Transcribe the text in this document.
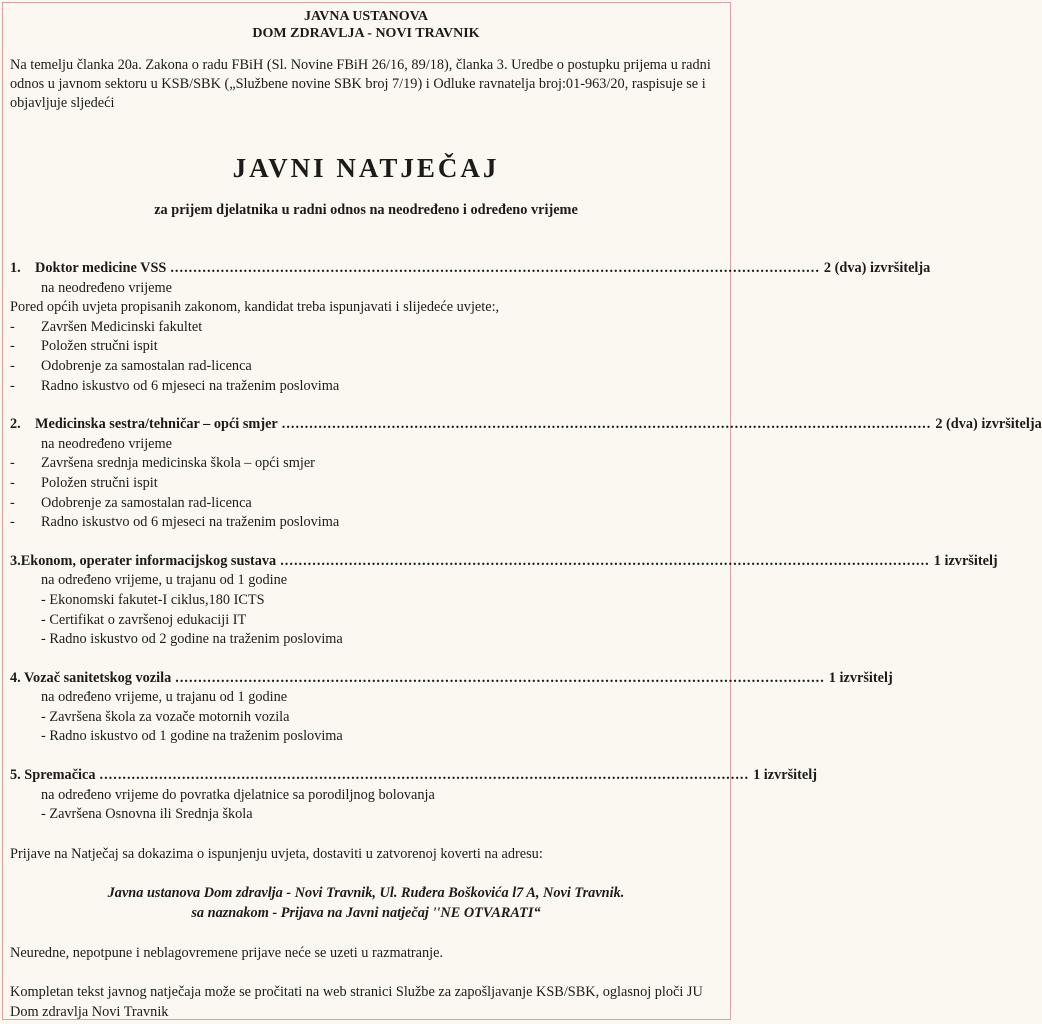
JAVNA USTANOVA
DOM ZDRAVLJA - NOVI TRAVNIK
Na temelju članka 20a. Zakona o radu FBiH (Sl. Novine FBiH 26/16, 89/18), članka 3. Uredbe o postupku prijema u radni odnos u javnom sektoru u KSB/SBK („Službene novine SBK broj 7/19) i Odluke ravnatelja broj:01-963/20, raspisuje se i objavljuje sljedeći
JAVNI NATJEČAJ
za prijem djelatnika u radni odnos na neodređeno i određeno vrijeme
1.    Doktor medicine VSS .............................................................................................................................................. 2 (dva) izvršitelja
na neodređeno vrijeme
Pored općih uvjeta propisanih zakonom, kandidat treba ispunjavati i slijedeće uvjete:,
- Završen Medicinski fakultet
- Položen stručni ispit
- Odobrenje za samostalan rad-licenca
- Radno iskustvo od 6 mjeseci na traženim poslovima
2.    Medicinska sestra/tehničar – opći smjer .............................................................................................................................................. 2 (dva) izvršitelja
na neodređeno vrijeme
- Završena srednja medicinska škola – opći smjer
- Položen stručni ispit
- Odobrenje za samostalan rad-licenca
- Radno iskustvo od 6 mjeseci na traženim poslovima
3.Ekonom, operater informacijskog sustava .............................................................................................................................................. 1 izvršitelj
na određeno vrijeme, u trajanu od 1 godine
- Ekonomski fakutet-I ciklus,180 ICTS
- Certifikat o završenoj edukaciji IT
- Radno iskustvo od 2 godine na traženim poslovima
4. Vozač sanitetskog vozila .............................................................................................................................................. 1 izvršitelj
na određeno vrijeme, u trajanu od 1 godine
- Završena škola za vozače motornih vozila
- Radno iskustvo od 1 godine na traženim poslovima
5. Spremačica .............................................................................................................................................. 1 izvršitelj
na određeno vrijeme do povratka djelatnice sa porodiljnog bolovanja
- Završena Osnovna ili Srednja škola
Prijave na Natječaj sa dokazima o ispunjenju uvjeta, dostaviti u zatvorenoj koverti na adresu:
Javna ustanova Dom zdravlja - Novi Travnik, Ul. Ruđera Boškovića l7 A, Novi Travnik.
sa naznakom - Prijava na Javni natječaj ''NE OTVARATI“
Neuredne, nepotpune i neblagovremene prijave neće se uzeti u razmatranje.
Kompletan tekst javnog natječaja može se pročitati na web stranici Službe za zapošljavanje KSB/SBK, oglasnoj ploči JU Dom zdravlja Novi Travnik
